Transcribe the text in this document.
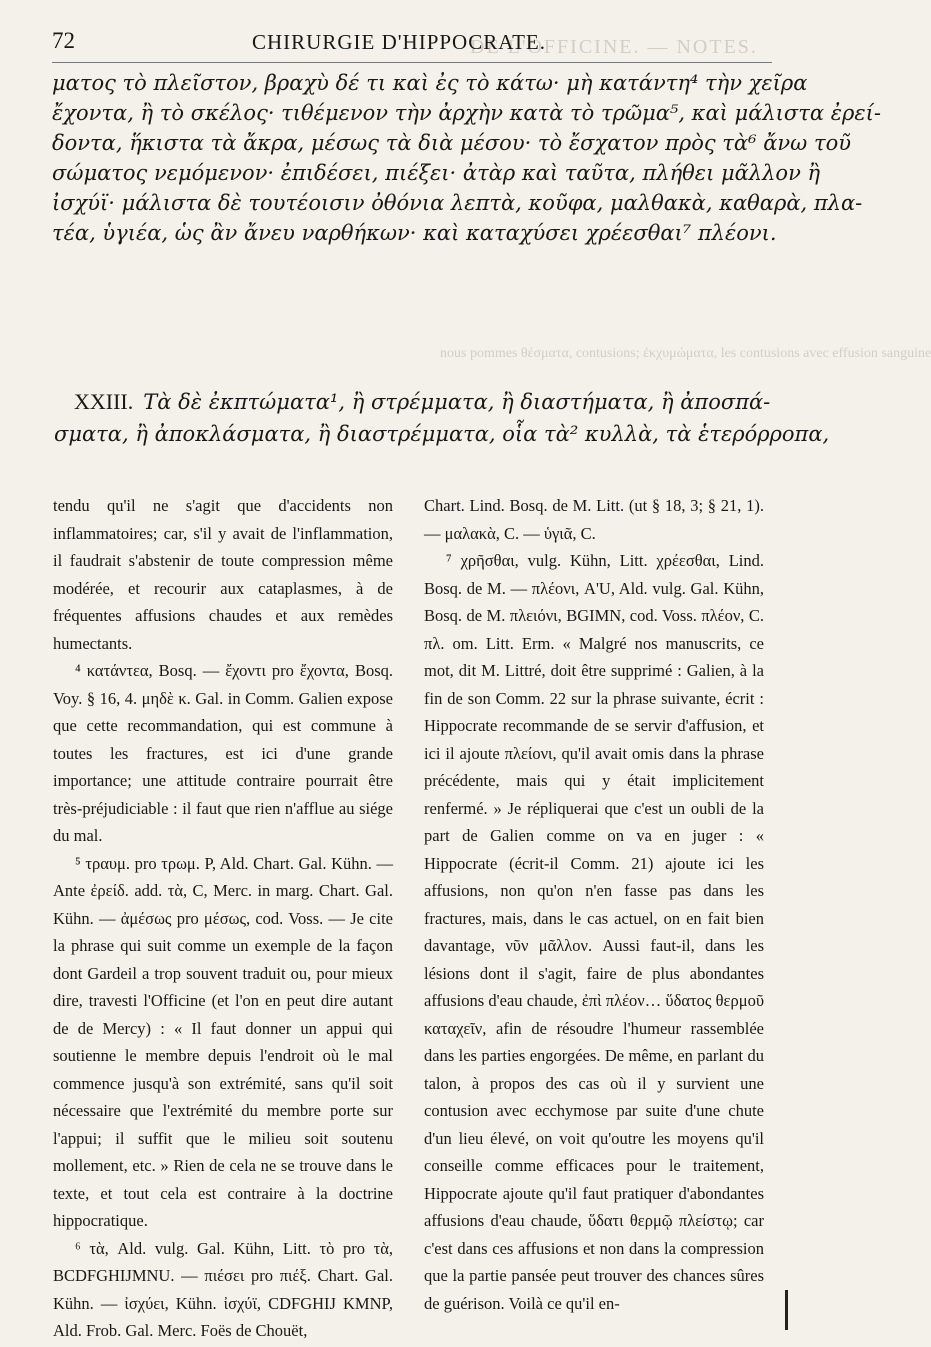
DE L'OFFICINE. — NOTES.
nous pommes θέσματα, contusions; ἐκχυμώματα, les contusions avec effusion sanguine
72	CHIRURGIE D'HIPPOCRATE.

ματος τὸ πλεῖστον, βραχὺ δέ τι καὶ ἐς τὸ κάτω· μὴ κατάντη⁴ τὴν χεῖρα

ἔχοντα, ἢ τὸ σκέλος· τιθέμενον τὴν ἀρχὴν κατὰ τὸ τρῶμα⁵, καὶ μάλιστα ἐρεί-

δοντα, ἥκιστα τὰ ἄκρα, μέσως τὰ διὰ μέσου· τὸ ἔσχατον πρὸς τὰ⁶ ἄνω τοῦ

σώματος νεμόμενον· ἐπιδέσει, πιέξει· ἀτὰρ καὶ ταῦτα, πλήθει μᾶλλον ἢ

ἰσχύϊ· μάλιστα δὲ τουτέοισιν ὀθόνια λεπτὰ, κοῦφα, μαλθακὰ, καθαρὰ, πλα-

τέα, ὑγιέα, ὡς ἂν ἄνευ ναρθήκων· καὶ καταχύσει χρέεσθαι⁷ πλέονι.

XXIII. Τὰ δὲ ἐκπτώματα¹, ἢ στρέμματα, ἢ διαστήματα, ἢ ἀποσπά-
σματα, ἢ ἀποκλάσματα, ἢ διαστρέμματα, οἷα τὰ² κυλλὰ, τὰ ἑτερόρροπα,

tendu qu'il ne s'agit que d'accidents non inflammatoires; car, s'il y avait de l'inflammation, il faudrait s'abstenir de toute compression même modérée, et recourir aux cataplasmes, à de fréquentes affusions chaudes et aux remèdes humectants.

⁴ κατάντεα, Bosq. — ἔχοντι pro ἔχοντα, Bosq. Voy. § 16, 4. μηδὲ κ. Gal. in Comm. Galien expose que cette recommandation, qui est commune à toutes les fractures, est ici d'une grande importance; une attitude contraire pourrait être très-préjudiciable : il faut que rien n'afflue au siége du mal.

⁵ τραυμ. pro τρωμ. P, Ald. Chart. Gal. Kühn. — Ante ἐρείδ. add. τὰ, C, Merc. in marg. Chart. Gal. Kühn. — ἀμέσως pro μέσως, cod. Voss. — Je cite la phrase qui suit comme un exemple de la façon dont Gardeil a trop souvent traduit ou, pour mieux dire, travesti l'Officine (et l'on en peut dire autant de de Mercy) : « Il faut donner un appui qui soutienne le membre depuis l'endroit où le mal commence jusqu'à son extrémité, sans qu'il soit nécessaire que l'extrémité du membre porte sur l'appui; il suffit que le milieu soit soutenu mollement, etc. » Rien de cela ne se trouve dans le texte, et tout cela est contraire à la doctrine hippocratique.

⁶ τὰ, Ald. vulg. Gal. Kühn, Litt. τὸ pro τὰ, BCDFGHIJMNU. — πιέσει pro πιέξ. Chart. Gal. Kühn. — ἰσχύει, Kühn. ἰσχύϊ, CDFGHIJ KMNP, Ald. Frob. Gal. Merc. Foës de Chouët,

Chart. Lind. Bosq. de M. Litt. (ut § 18, 3; § 21, 1). — μαλακὰ, C. — ὑγιᾶ, C.

⁷ χρῆσθαι, vulg. Kühn, Litt. χρέεσθαι, Lind. Bosq. de M. — πλέονι, A'U, Ald. vulg. Gal. Kühn, Bosq. de M. πλειόνι, BGIMN, cod. Voss. πλέον, C. πλ. om. Litt. Erm. « Malgré nos manuscrits, ce mot, dit M. Littré, doit être supprimé : Galien, à la fin de son Comm. 22 sur la phrase suivante, écrit : Hippocrate recommande de se servir d'affusion, et ici il ajoute πλείονι, qu'il avait omis dans la phrase précédente, mais qui y était implicitement renfermé. » Je répliquerai que c'est un oubli de la part de Galien comme on va en juger : « Hippocrate (écrit-il Comm. 21) ajoute ici les affusions, non qu'on n'en fasse pas dans les fractures, mais, dans le cas actuel, on en fait bien davantage, νῦν μᾶλλον. Aussi faut-il, dans les lésions dont il s'agit, faire de plus abondantes affusions d'eau chaude, ἐπὶ πλέον… ὕδατος θερμοῦ καταχεῖν, afin de résoudre l'humeur rassemblée dans les parties engorgées. De même, en parlant du talon, à propos des cas où il y survient une contusion avec ecchymose par suite d'une chute d'un lieu élevé, on voit qu'outre les moyens qu'il conseille comme efficaces pour le traitement, Hippocrate ajoute qu'il faut pratiquer d'abondantes affusions d'eau chaude, ὕδατι θερμῷ πλείστῳ; car c'est dans ces affusions et non dans la compression que la partie pansée peut trouver des chances sûres de guérison. Voilà ce qu'il en-
